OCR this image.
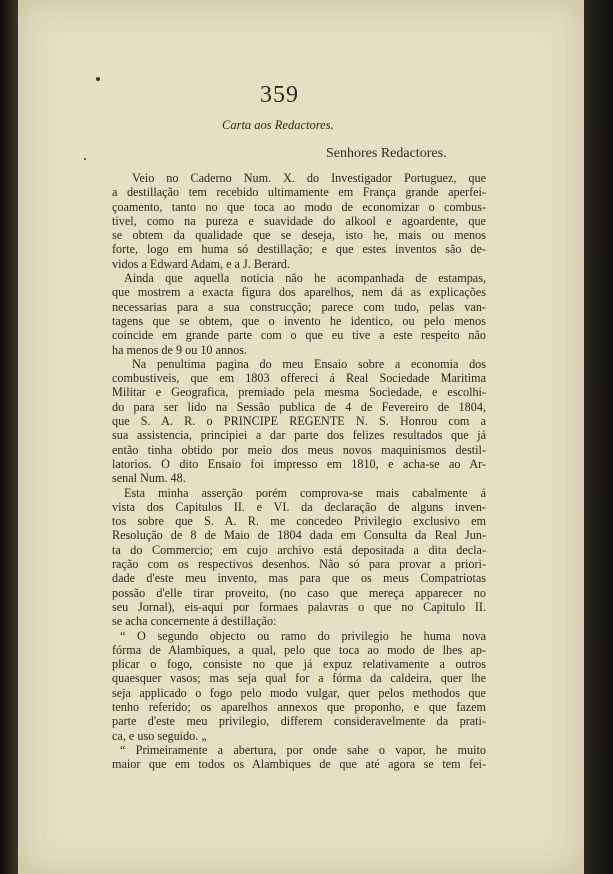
359
Carta aos Redactores.
Senhores Redactores.
Veio no Caderno Num. X. do Investigador Portuguez, que
a destillação tem recebido ultimamente em França grande aperfei-
çoamento, tanto no que toca ao modo de economizar o combus-
tivel, como na pureza e suavidade do alkool e agoardente, que
se obtem da qualidade que se deseja, isto he, mais ou menos
forte, logo em huma só destillação; e que estes inventos são de-
vidos a Edward Adam, e a J. Berard.
Ainda que aquella noticia não he acompanhada de estampas,
que mostrem a exacta figura dos aparelhos, nem dá as explicações
necessarias para a sua construcção; parece com tudo, pelas van-
tagens que se obtem, que o invento he identico, ou pelo menos
coincide em grande parte com o que eu tive a este respeito não
ha menos de 9 ou 10 annos.
Na penultima pagina do meu Ensaio sobre a economia dos
combustiveis, que em 1803 offereci á Real Sociedade Maritima
Militar e Geografica, premiado pela mesma Sociedade, e escolhi-
do para ser lido na Sessão publica de 4 de Fevereiro de 1804,
que S. A. R. o PRINCIPE REGENTE N. S. Honrou com a
sua assistencia, principiei a dar parte dos felizes resultados que já
então tinha obtido por meio dos meus novos maquinismos destil-
latorios. O dito Ensaio foi impresso em 1810, e acha-se ao Ar-
senal Num. 48.
Esta minha asserção porém comprova-se mais cabalmente á
vista dos Capitulos II. e VI. da declaração de alguns inven-
tos sobre que S. A. R. me concedeo Privilegio exclusivo em
Resolução de 8 de Maio de 1804 dada em Consulta da Real Jun-
ta do Commercio; em cujo archivo está depositada a dita decla-
ração com os respectivos desenhos. Não só para provar a priori-
dade d'este meu invento, mas para que os meus Compatriotas
possão d'elle tirar proveito, (no caso que mereça apparecer no
seu Jornal), eis-aqui por formaes palavras o que no Capitulo II.
se acha concernente á destillação:
“ O segundo objecto ou ramo do privilegio he huma nova
fórma de Alambiques, a qual, pelo que toca ao modo de lhes ap-
plicar o fogo, consiste no que já expuz relativamente a outros
quaesquer vasos; mas seja qual for a fórma da caldeira, quer lhe
seja applicado o fogo pelo modo vulgar, quer pelos methodos que
tenho referido; os aparelhos annexos que proponho, e que fazem
parte d'este meu privilegio, differem consideravelmente da prati-
ca, e uso seguido. „
“ Primeiramente a abertura, por onde sahe o vapor, he muito
maior que em todos os Alambiques de que até agora se tem fei-
